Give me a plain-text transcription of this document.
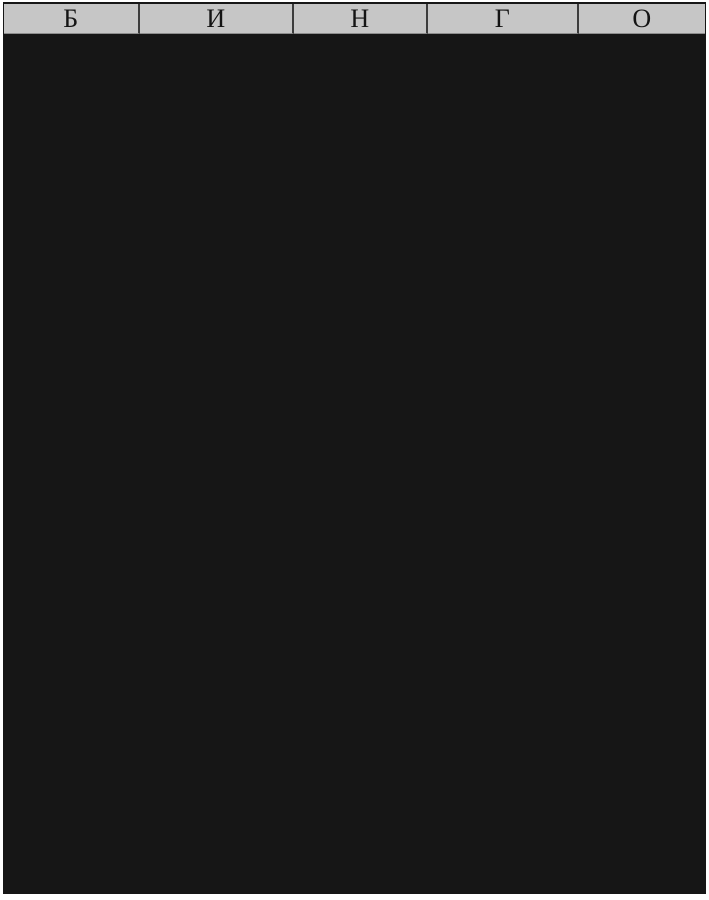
Б	И	Н	Г	О
